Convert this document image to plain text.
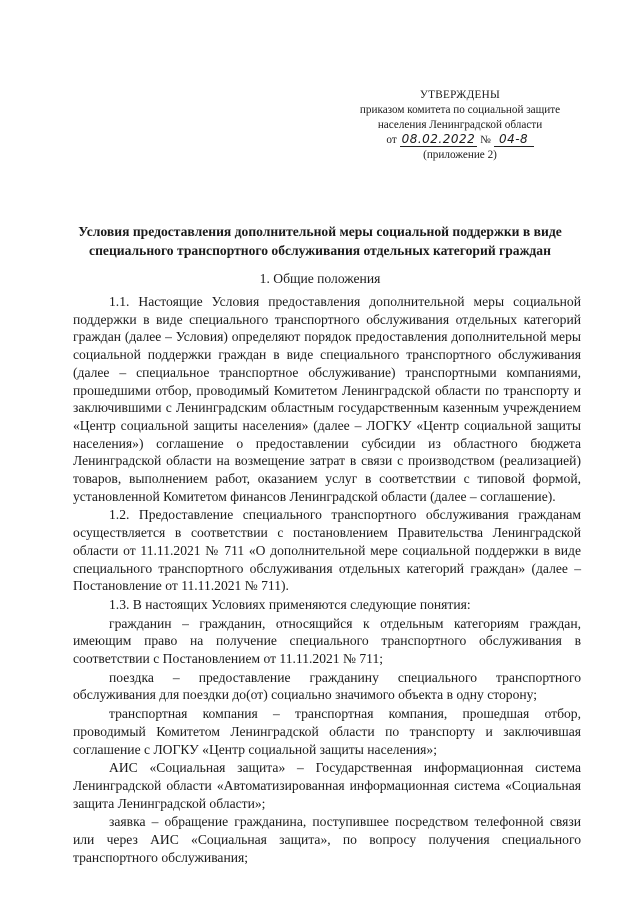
УТВЕРЖДЕНЫ
приказом комитета по социальной защите
населения Ленинградской области
от 08.02.2022 № 04-8
(приложение 2)
Условия предоставления дополнительной меры социальной поддержки в виде специального транспортного обслуживания отдельных категорий граждан
1. Общие положения

1.1. Настоящие Условия предоставления дополнительной меры социальной поддержки в виде специального транспортного обслуживания отдельных категорий граждан (далее – Условия) определяют порядок предоставления дополнительной меры социальной поддержки граждан в виде специального транспортного обслуживания (далее – специальное транспортное обслуживание) транспортными компаниями, прошедшими отбор, проводимый Комитетом Ленинградской области по транспорту и заключившими с Ленинградским областным государственным казенным учреждением «Центр социальной защиты населения» (далее – ЛОГКУ «Центр социальной защиты населения») соглашение о предоставлении субсидии из областного бюджета Ленинградской области на возмещение затрат в связи с производством (реализацией) товаров, выполнением работ, оказанием услуг в соответствии с типовой формой, установленной Комитетом финансов Ленинградской области (далее – соглашение).

1.2. Предоставление специального транспортного обслуживания гражданам осуществляется в соответствии с постановлением Правительства Ленинградской области от 11.11.2021 № 711 «О дополнительной мере социальной поддержки в виде специального транспортного обслуживания отдельных категорий граждан» (далее – Постановление от 11.11.2021 № 711).

1.3. В настоящих Условиях применяются следующие понятия:

гражданин – гражданин, относящийся к отдельным категориям граждан, имеющим право на получение специального транспортного обслуживания в соответствии с Постановлением от 11.11.2021 № 711;

поездка – предоставление гражданину специального транспортного обслуживания для поездки до(от) социально значимого объекта в одну сторону;

транспортная компания – транспортная компания, прошедшая отбор, проводимый Комитетом Ленинградской области по транспорту и заключившая соглашение с ЛОГКУ «Центр социальной защиты населения»;

АИС «Социальная защита» – Государственная информационная система Ленинградской области «Автоматизированная информационная система «Социальная защита Ленинградской области»;

заявка – обращение гражданина, поступившее посредством телефонной связи или через АИС «Социальная защита», по вопросу получения специального транспортного обслуживания;
